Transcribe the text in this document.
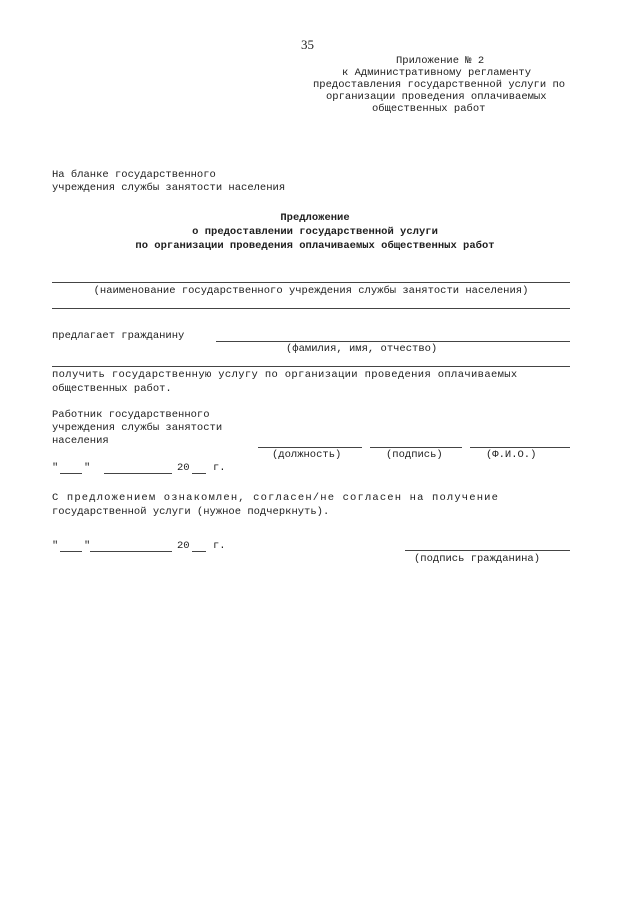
35
Приложение № 2
к Административному регламенту
предоставления государственной услуги по
организации проведения оплачиваемых
общественных работ
На бланке государственного
учреждения службы занятости населения
Предложение
о предоставлении государственной услуги
по организации проведения оплачиваемых общественных работ
(наименование государственного учреждения службы занятости населения)
предлагает гражданину
(фамилия, имя, отчество)
получить государственную услугу по организации проведения оплачиваемых
общественных работ.
Работник государственного
учреждения службы занятости
населения
(должность)	(подпись)	(Ф.И.О.)
" "	20 г.
С предложением ознакомлен, согласен/не согласен на получение
государственной услуги (нужное подчеркнуть).
" "	20 г.
(подпись гражданина)
